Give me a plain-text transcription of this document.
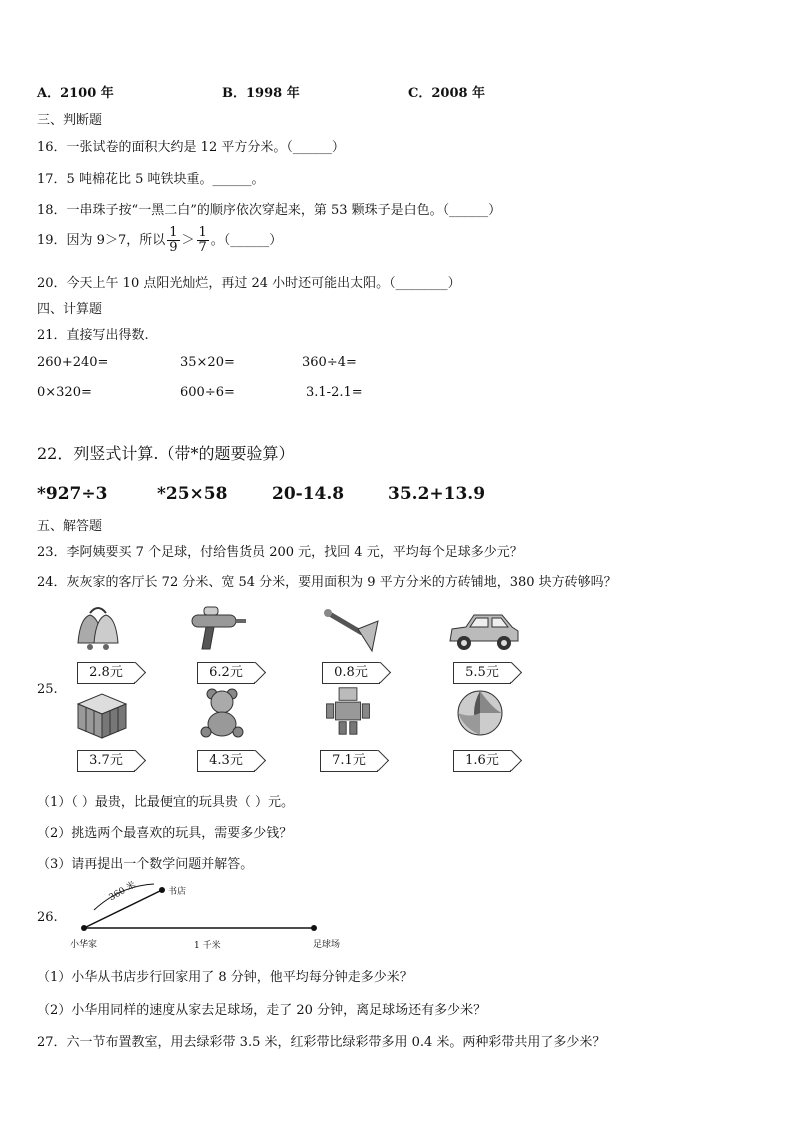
A．2100 年	B．1998 年	C．2008 年
三、判断题
16．一张试卷的面积大约是 12 平方分米。（______）
17．5 吨棉花比 5 吨铁块重。______。
18．一串珠子按“一黑二白”的顺序依次穿起来，第 53 颗珠子是白色。（______）
19．因为 9＞7，所以 $\frac{1}{9} > \frac{1}{7}$ 。（______）
20．今天上午 10 点阳光灿烂，再过 24 小时还可能出太阳。（________）
四、计算题
21．直接写出得数.
260+240=	35×20=	360÷4=
0×320=	600÷6=	3.1-2.1=
22．列竖式计算.（带*的题要验算）
*927÷3	*25×58	20-14.8	35.2+13.9
五、解答题
23．李阿姨要买 7 个足球，付给售货员 200 元，找回 4 元，平均每个足球多少元？
24．灰灰家的客厅长 72 分米、宽 54 分米，要用面积为 9 平方分米的方砖铺地，380 块方砖够吗？
25.
2.8元	6.2元	0.8元	5.5元
3.7元	4.3元	7.1元	1.6元
（1）（ ）最贵，比最便宜的玩具贵（ ）元。
（2）挑选两个最喜欢的玩具，需要多少钱？
（3）请再提出一个数学问题并解答。
26.
小华家
书店
足球场
360 米
1 千米
（1）小华从书店步行回家用了 8 分钟，他平均每分钟走多少米？
（2）小华用同样的速度从家去足球场，走了 20 分钟，离足球场还有多少米？
27．六一节布置教室，用去绿彩带 3.5 米，红彩带比绿彩带多用 0.4 米。两种彩带共用了多少米？
